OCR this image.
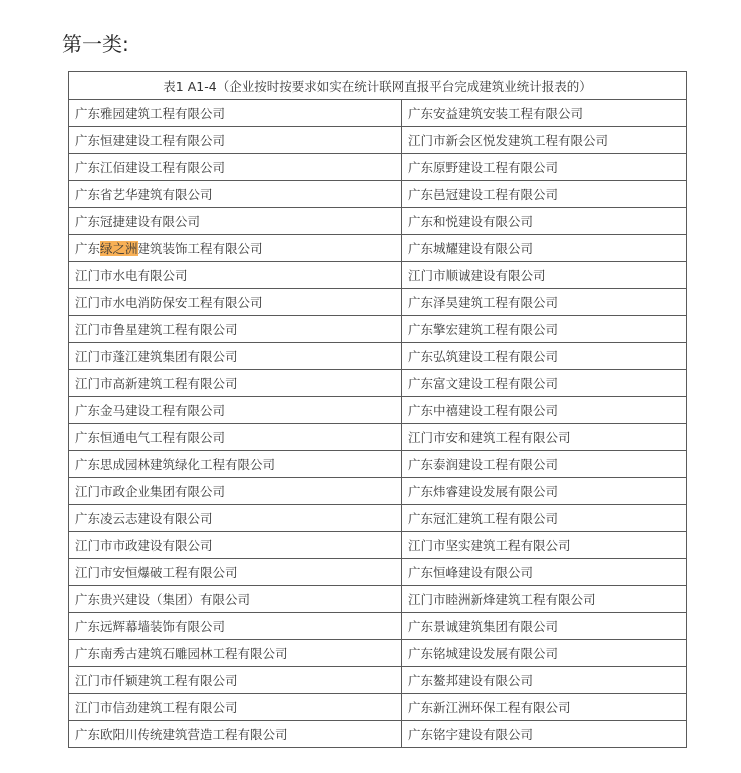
第一类:
表1 A1-4（企业按时按要求如实在统计联网直报平台完成建筑业统计报表的）	
广东雅园建筑工程有限公司	广东安益建筑安装工程有限公司
广东恒建建设工程有限公司	江门市新会区悦发建筑工程有限公司
广东江佰建设工程有限公司	广东原野建设工程有限公司
广东省艺华建筑有限公司	广东邑冠建设工程有限公司
广东冠捷建设有限公司	广东和悦建设有限公司
广东绿之洲建筑装饰工程有限公司	广东城耀建设有限公司
江门市水电有限公司	江门市顺诚建设有限公司
江门市水电消防保安工程有限公司	广东泽昊建筑工程有限公司
江门市鲁星建筑工程有限公司	广东擎宏建筑工程有限公司
江门市蓬江建筑集团有限公司	广东弘筑建设工程有限公司
江门市高新建筑工程有限公司	广东富文建设工程有限公司
广东金马建设工程有限公司	广东中禧建设工程有限公司
广东恒通电气工程有限公司	江门市安和建筑工程有限公司
广东思成园林建筑绿化工程有限公司	广东泰润建设工程有限公司
江门市政企业集团有限公司	广东炜睿建设发展有限公司
广东凌云志建设有限公司	广东冠汇建筑工程有限公司
江门市市政建设有限公司	江门市坚实建筑工程有限公司
江门市安恒爆破工程有限公司	广东恒峰建设有限公司
广东贵兴建设（集团）有限公司	江门市睦洲新烽建筑工程有限公司
广东远辉幕墙装饰有限公司	广东景诚建筑集团有限公司
广东南秀古建筑石雕园林工程有限公司	广东铭城建设发展有限公司
江门市仟颖建筑工程有限公司	广东鳌邦建设有限公司
江门市信劲建筑工程有限公司	广东新江洲环保工程有限公司
广东欧阳川传统建筑营造工程有限公司	广东铭宇建设有限公司
